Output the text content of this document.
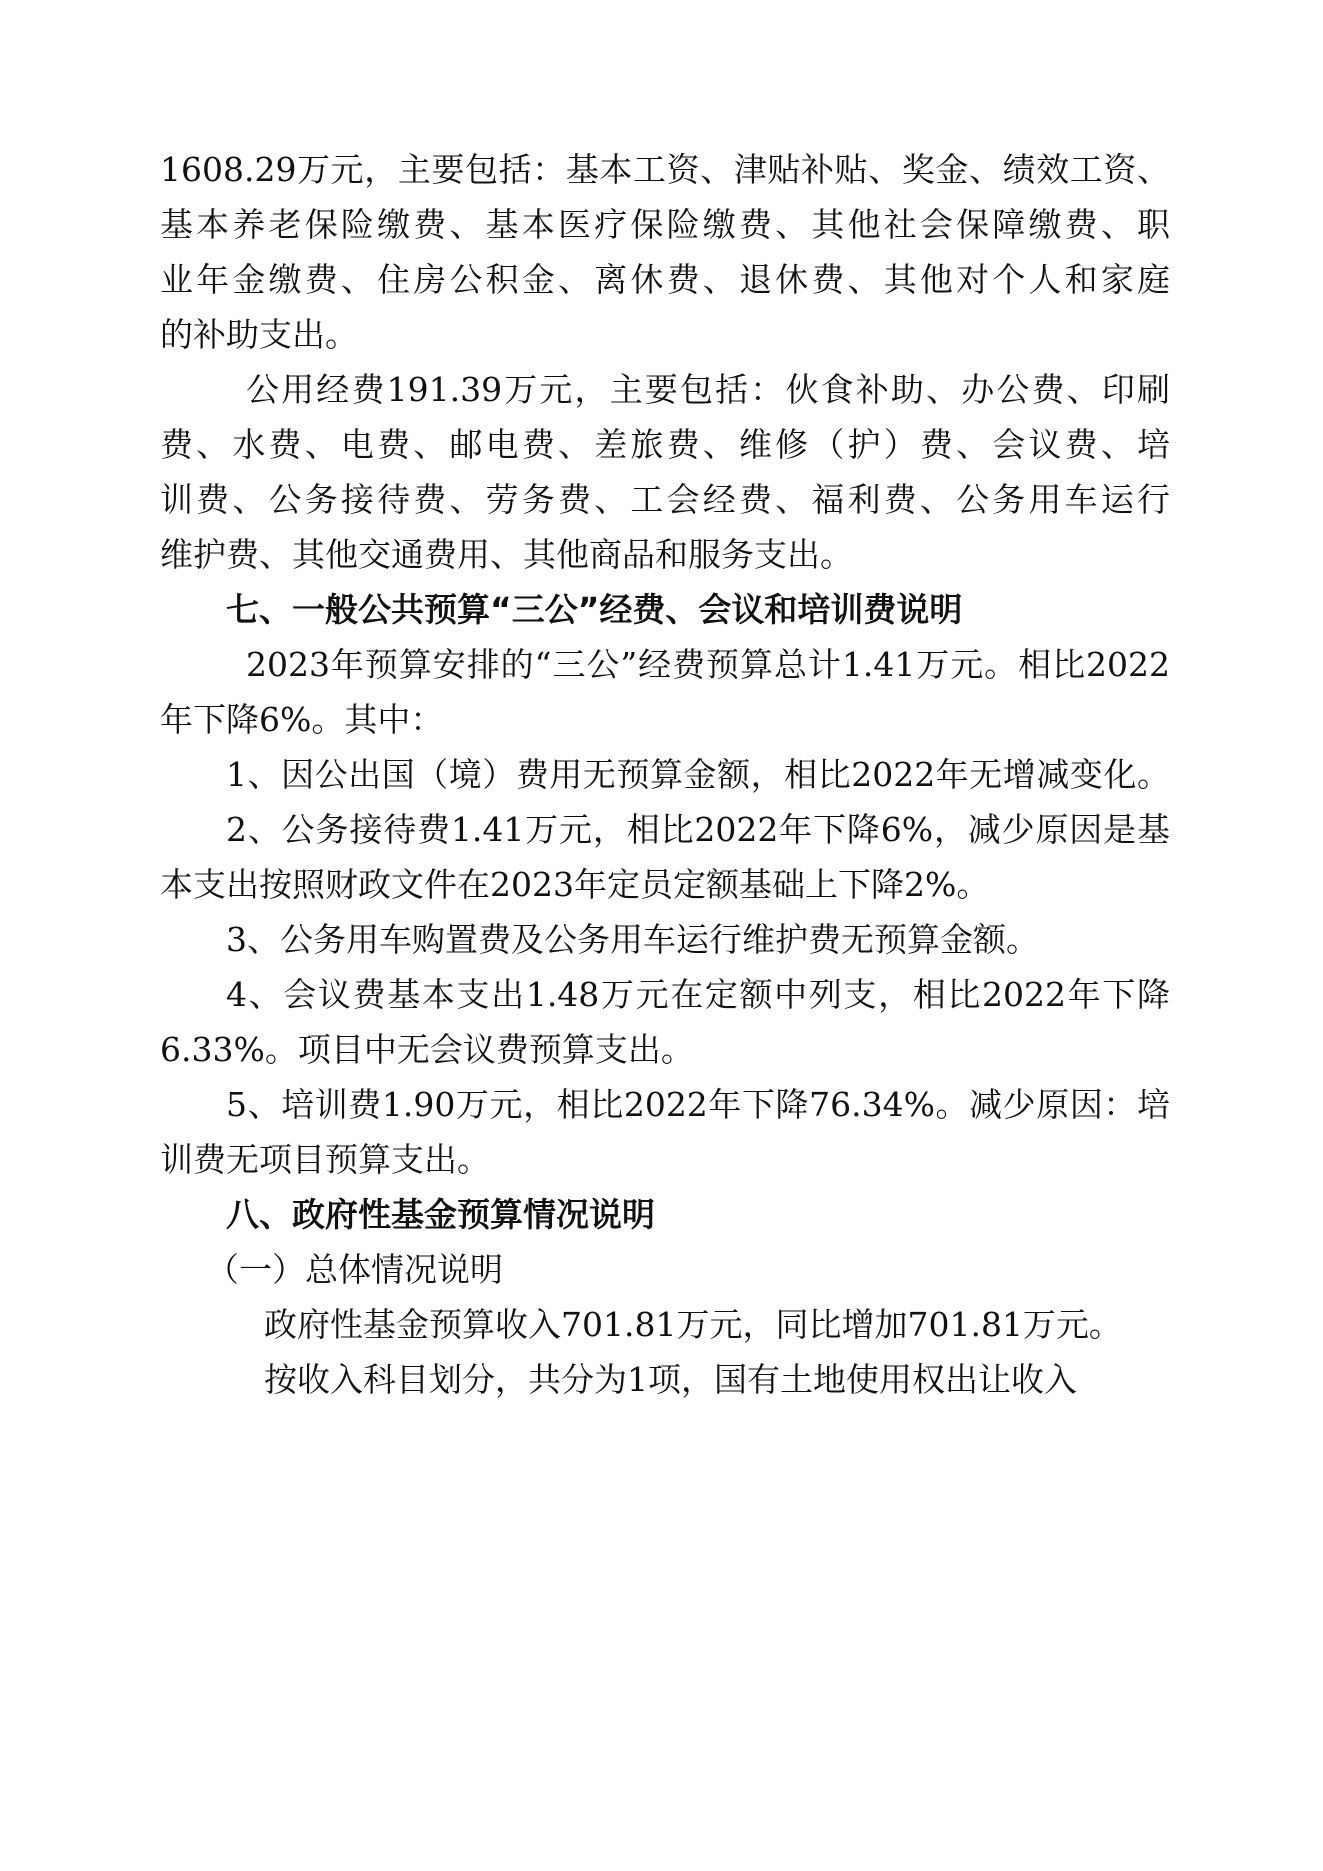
1608.29万元，主要包括：基本工资、津贴补贴、奖金、绩效工资、
基本养老保险缴费、基本医疗保险缴费、其他社会保障缴费、职
业年金缴费、住房公积金、离休费、退休费、其他对个人和家庭
的补助支出。
公用经费191.39万元，主要包括：伙食补助、办公费、印刷
费、水费、电费、邮电费、差旅费、维修（护）费、会议费、培
训费、公务接待费、劳务费、工会经费、福利费、公务用车运行
维护费、其他交通费用、其他商品和服务支出。
七、一般公共预算“三公”经费、会议和培训费说明
2023年预算安排的“三公”经费预算总计1.41万元。相比2022
年下降6%。其中：
1、因公出国（境）费用无预算金额，相比2022年无增减变化。
2、公务接待费1.41万元，相比2022年下降6%，减少原因是基
本支出按照财政文件在2023年定员定额基础上下降2%。
3、公务用车购置费及公务用车运行维护费无预算金额。
4、会议费基本支出1.48万元在定额中列支，相比2022年下降
6.33%。项目中无会议费预算支出。
5、培训费1.90万元，相比2022年下降76.34%。减少原因：培
训费无项目预算支出。
八、政府性基金预算情况说明
（一）总体情况说明
政府性基金预算收入701.81万元，同比增加701.81万元。
按收入科目划分，共分为1项，国有土地使用权出让收入
